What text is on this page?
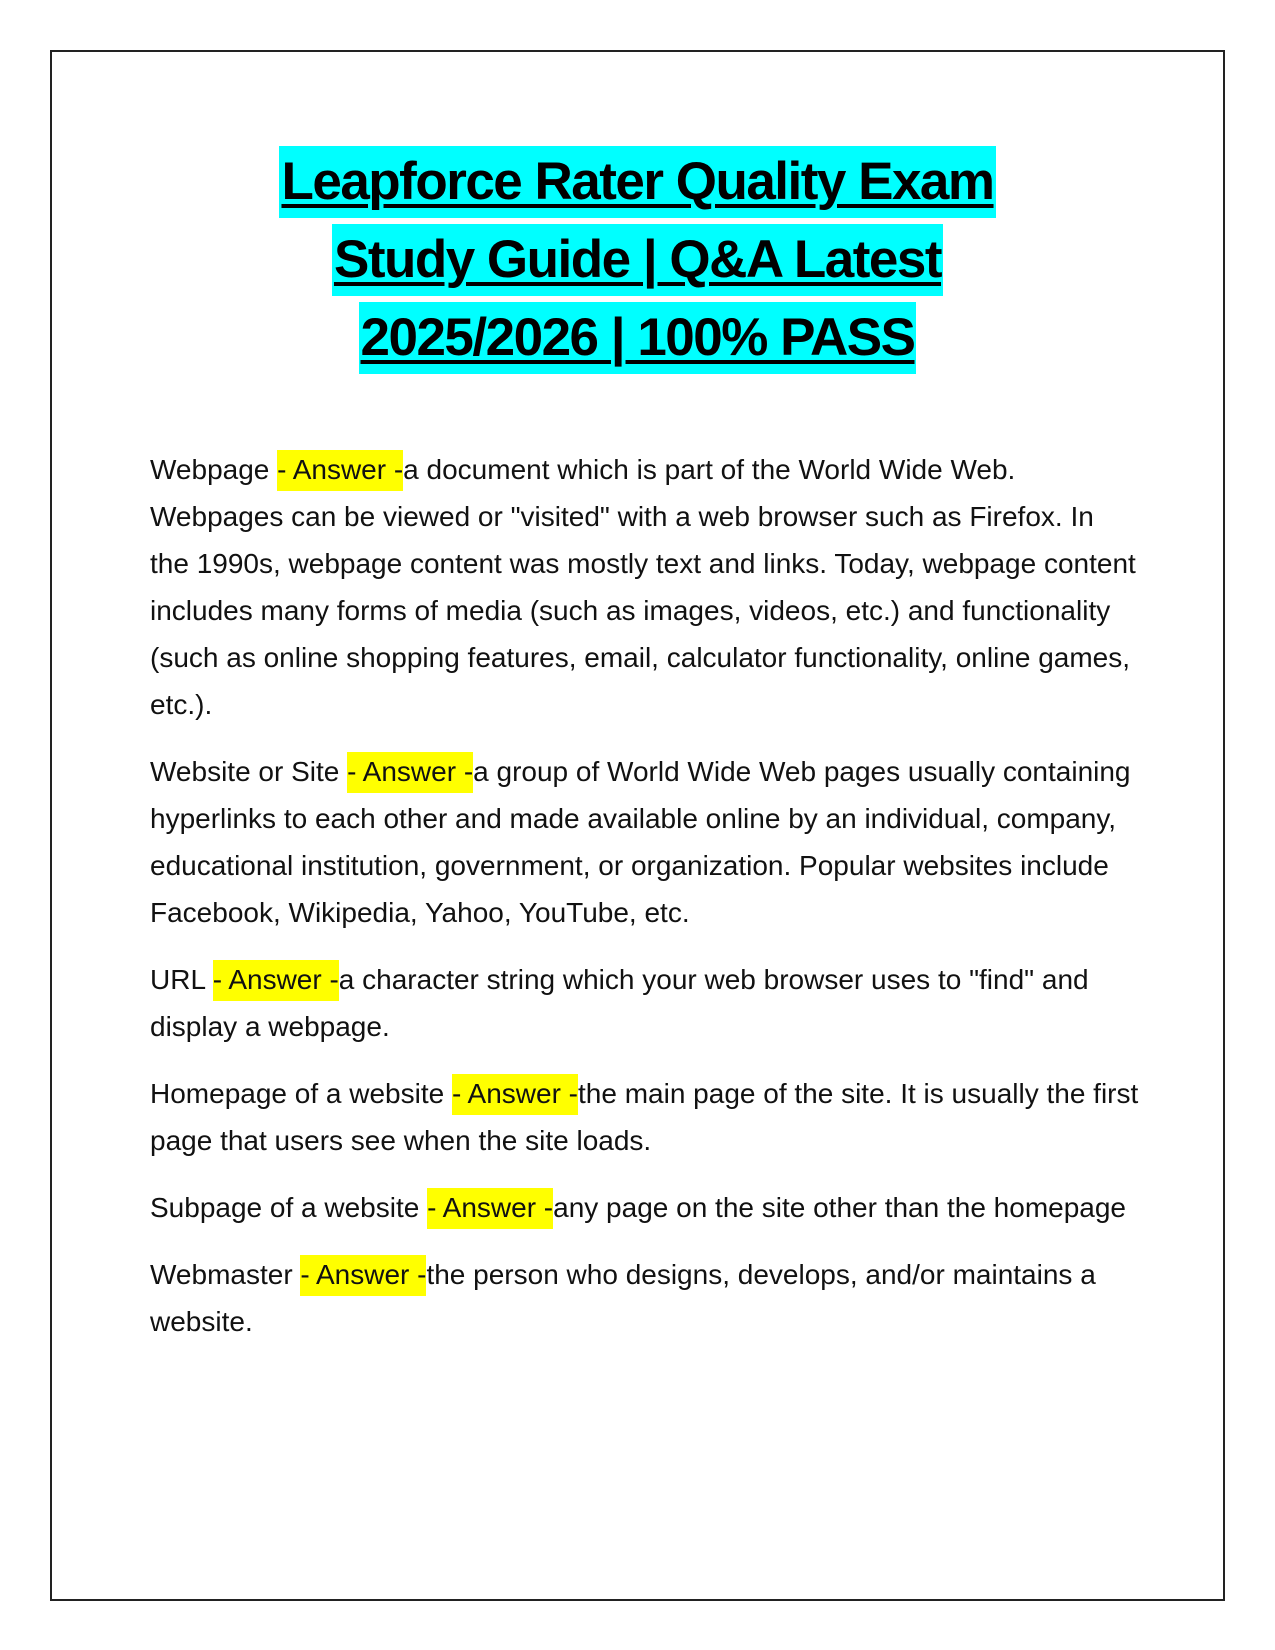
Leapforce Rater Quality Exam
Study Guide | Q&A Latest
2025/2026 | 100% PASS

Webpage - Answer -a document which is part of the World Wide Web. Webpages can be viewed or "visited" with a web browser such as Firefox. In the 1990s, webpage content was mostly text and links. Today, webpage content includes many forms of media (such as images, videos, etc.) and functionality (such as online shopping features, email, calculator functionality, online games, etc.).

Website or Site - Answer -a group of World Wide Web pages usually containing hyperlinks to each other and made available online by an individual, company, educational institution, government, or organization. Popular websites include Facebook, Wikipedia, Yahoo, YouTube, etc.

URL - Answer -a character string which your web browser uses to "find" and display a webpage.

Homepage of a website - Answer -the main page of the site. It is usually the first page that users see when the site loads.

Subpage of a website - Answer -any page on the site other than the homepage

Webmaster - Answer -the person who designs, develops, and/or maintains a website.
